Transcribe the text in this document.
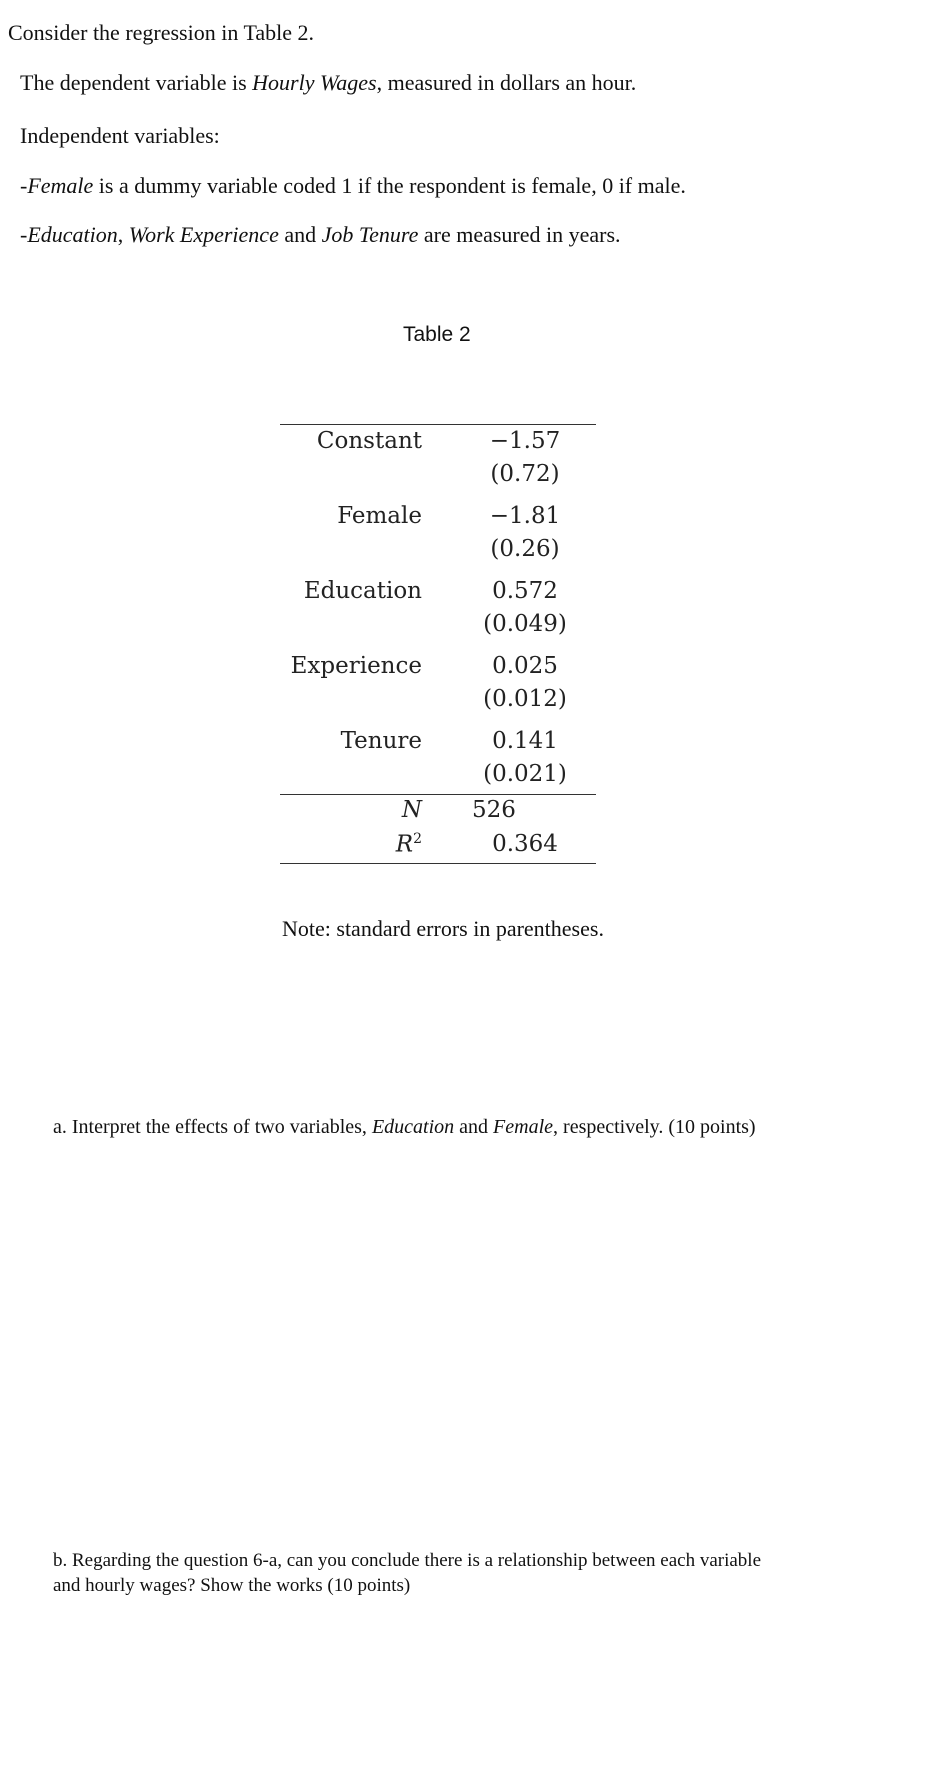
Consider the regression in Table 2.
The dependent variable is Hourly Wages, measured in dollars an hour.
Independent variables:
-Female is a dummy variable coded 1 if the respondent is female, 0 if male.
-Education, Work Experience and Job Tenure are measured in years.
Table 2
Constant	−1.57
(0.72)
Female	−1.81
(0.26)
Education	0.572
(0.049)
Experience	0.025
(0.012)
Tenure	0.141
(0.021)
N 526
$R^2$	0.364
Note: standard errors in parentheses.
a. Interpret the effects of two variables, Education and Female, respectively. (10 points)
b. Regarding the question 6-a, can you conclude there is a relationship between each variable
and hourly wages? Show the works (10 points)
